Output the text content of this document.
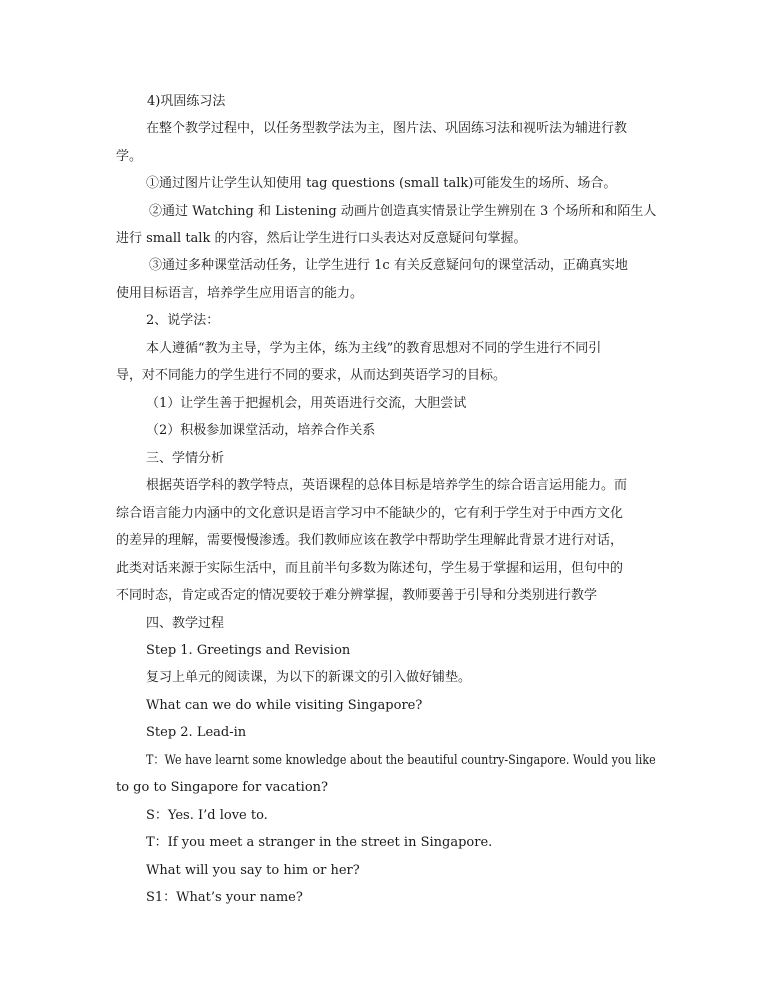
4)巩固练习法
在整个教学过程中，以任务型教学法为主，图片法、巩固练习法和视听法为辅进行教
学。
①通过图片让学生认知使用 tag questions (small talk)可能发生的场所、场合。
②通过 Watching 和 Listening 动画片创造真实情景让学生辨别在 3 个场所和和陌生人
进行 small talk 的内容，然后让学生进行口头表达对反意疑问句掌握。
③通过多种课堂活动任务，让学生进行 1c 有关反意疑问句的课堂活动，正确真实地
使用目标语言，培养学生应用语言的能力。
2、说学法：
本人遵循“教为主导，学为主体，练为主线”的教育思想对不同的学生进行不同引
导，对不同能力的学生进行不同的要求，从而达到英语学习的目标。
（1）让学生善于把握机会，用英语进行交流，大胆尝试
（2）积极参加课堂活动，培养合作关系
三、学情分析
根据英语学科的教学特点，英语课程的总体目标是培养学生的综合语言运用能力。而
综合语言能力内涵中的文化意识是语言学习中不能缺少的，它有利于学生对于中西方文化
的差异的理解，需要慢慢渗透。我们教师应该在教学中帮助学生理解此背景才进行对话，
此类对话来源于实际生活中，而且前半句多数为陈述句，学生易于掌握和运用，但句中的
不同时态，肯定或否定的情况要较于难分辨掌握，教师要善于引导和分类别进行教学
四、教学过程
Step 1. Greetings and Revision
复习上单元的阅读课，为以下的新课文的引入做好铺垫。
What can we do while visiting Singapore?
Step 2. Lead-in
T：We have learnt some knowledge about the beautiful country-Singapore. Would you like
to go to Singapore for vacation?
S：Yes. I’d love to.
T：If you meet a stranger in the street in Singapore.
What will you say to him or her?
S1：What’s your name?
